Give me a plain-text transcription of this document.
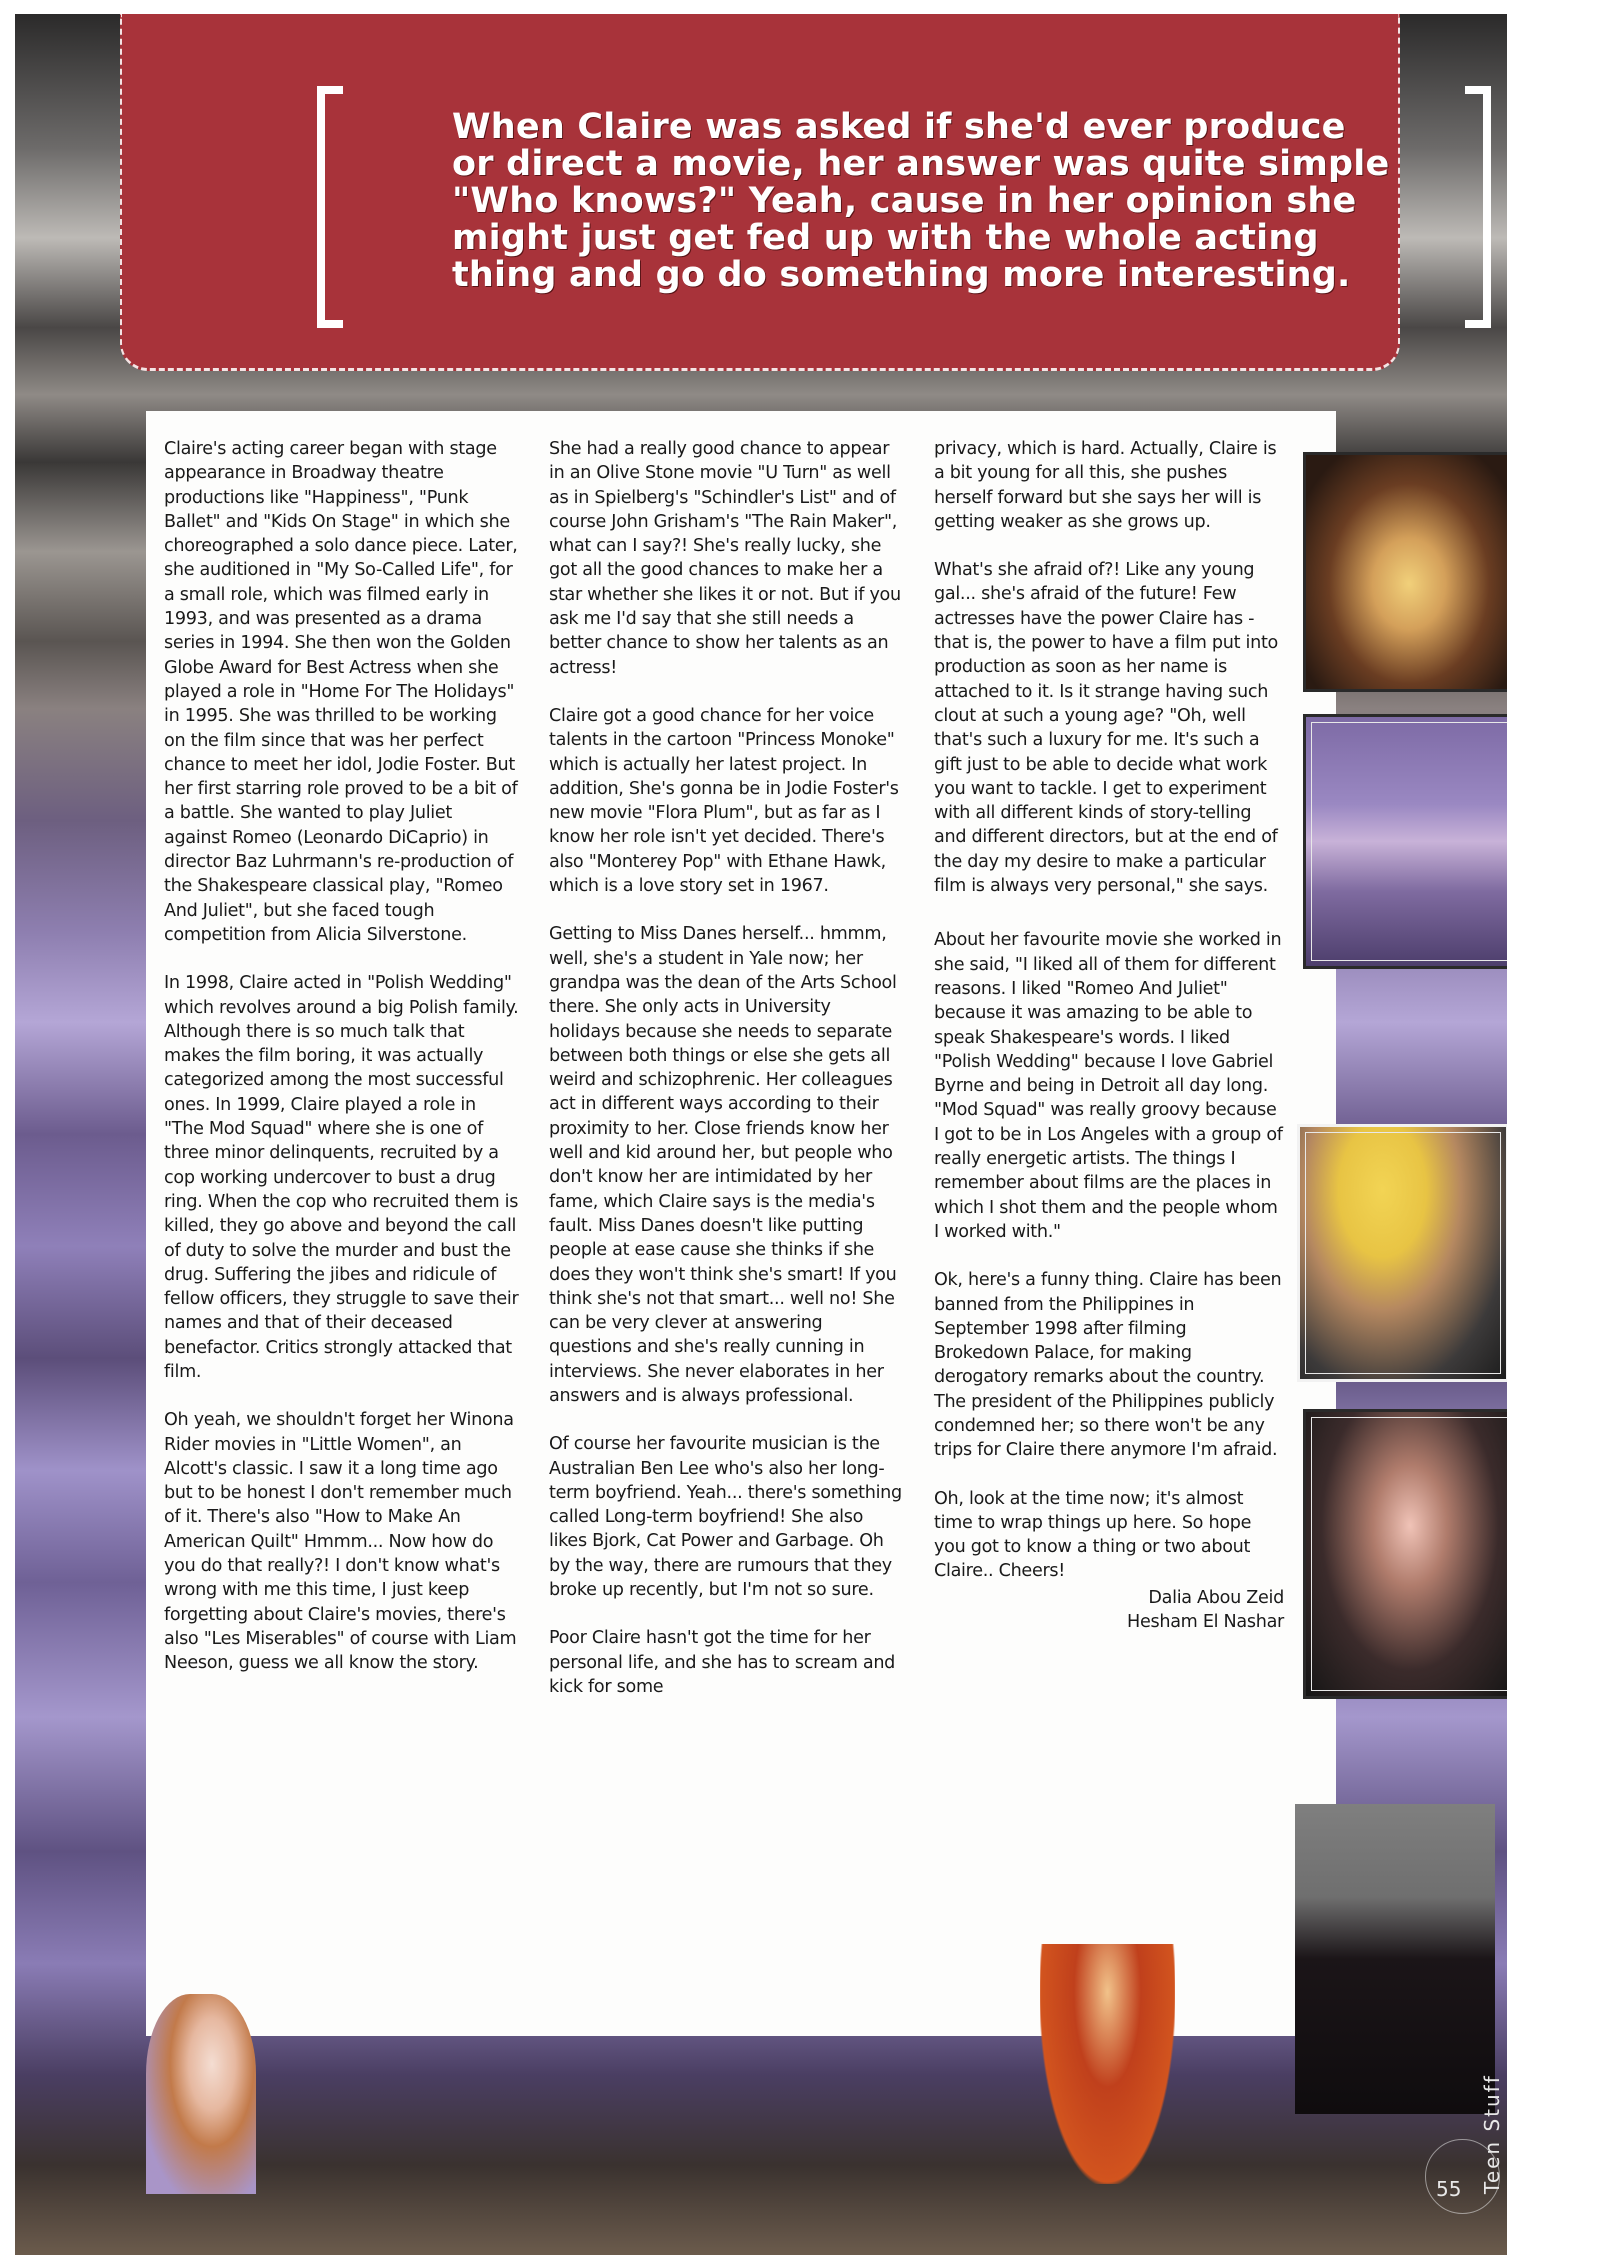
When Claire was asked if she'd ever produce or direct a movie, her answer was quite simple "Who knows?" Yeah, cause in her opinion she might just get fed up with the whole acting thing and go do something more interesting.

Claire's acting career began with stage appearance in Broadway theatre productions like "Happiness", "Punk Ballet" and "Kids On Stage" in which she choreographed a solo dance piece. Later, she auditioned in "My So-Called Life", for a small role, which was filmed early in 1993, and was presented as a drama series in 1994. She then won the Golden Globe Award for Best Actress when she played a role in "Home For The Holidays" in 1995. She was thrilled to be working on the film since that was her perfect chance to meet her idol, Jodie Foster. But her first starring role proved to be a bit of a battle. She wanted to play Juliet against Romeo (Leonardo DiCaprio) in director Baz Luhrmann's re-production of the Shakespeare classical play, "Romeo And Juliet", but she faced tough competition from Alicia Silverstone.

In 1998, Claire acted in "Polish Wedding" which revolves around a big Polish family. Although there is so much talk that makes the film boring, it was actually categorized among the most successful ones. In 1999, Claire played a role in "The Mod Squad" where she is one of three minor delinquents, recruited by a cop working undercover to bust a drug ring. When the cop who recruited them is killed, they go above and beyond the call of duty to solve the murder and bust the drug. Suffering the jibes and ridicule of fellow officers, they struggle to save their names and that of their deceased benefactor. Critics strongly attacked that film.

Oh yeah, we shouldn't forget her Winona Rider movies in "Little Women", an Alcott's classic. I saw it a long time ago but to be honest I don't remember much of it. There's also "How to Make An American Quilt" Hmmm... Now how do you do that really?! I don't know what's wrong with me this time, I just keep forgetting about Claire's movies, there's also "Les Miserables" of course with Liam Neeson, guess we all know the story.

She had a really good chance to appear in an Olive Stone movie "U Turn" as well as in Spielberg's "Schindler's List" and of course John Grisham's "The Rain Maker", what can I say?! She's really lucky, she got all the good chances to make her a star whether she likes it or not. But if you ask me I'd say that she still needs a better chance to show her talents as an actress!

Claire got a good chance for her voice talents in the cartoon "Princess Monoke" which is actually her latest project. In addition, She's gonna be in Jodie Foster's new movie "Flora Plum", but as far as I know her role isn't yet decided. There's also "Monterey Pop" with Ethane Hawk, which is a love story set in 1967.

Getting to Miss Danes herself... hmmm, well, she's a student in Yale now; her grandpa was the dean of the Arts School there. She only acts in University holidays because she needs to separate between both things or else she gets all weird and schizophrenic. Her colleagues act in different ways according to their proximity to her. Close friends know her well and kid around her, but people who don't know her are intimidated by her fame, which Claire says is the media's fault. Miss Danes doesn't like putting people at ease cause she thinks if she does they won't think she's smart! If you think she's not that smart... well no! She can be very clever at answering questions and she's really cunning in interviews. She never elaborates in her answers and is always professional.

Of course her favourite musician is the Australian Ben Lee who's also her long-term boyfriend. Yeah... there's something called Long-term boyfriend! She also likes Bjork, Cat Power and Garbage. Oh by the way, there are rumours that they broke up recently, but I'm not so sure.

Poor Claire hasn't got the time for her personal life, and she has to scream and kick for some

privacy, which is hard. Actually, Claire is a bit young for all this, she pushes herself forward but she says her will is getting weaker as she grows up.

What's she afraid of?! Like any young gal... she's afraid of the future! Few actresses have the power Claire has - that is, the power to have a film put into production as soon as her name is attached to it. Is it strange having such clout at such a young age? "Oh, well that's such a luxury for me. It's such a gift just to be able to decide what work you want to tackle. I get to experiment with all different kinds of story-telling and different directors, but at the end of the day my desire to make a particular film is always very personal," she says.

About her favourite movie she worked in she said, "I liked all of them for different reasons. I liked "Romeo And Juliet" because it was amazing to be able to speak Shakespeare's words. I liked "Polish Wedding" because I love Gabriel Byrne and being in Detroit all day long. "Mod Squad" was really groovy because I got to be in Los Angeles with a group of really energetic artists. The things I remember about films are the places in which I shot them and the people whom I worked with."

Ok, here's a funny thing. Claire has been banned from the Philippines in September 1998 after filming Brokedown Palace, for making derogatory remarks about the country. The president of the Philippines publicly condemned her; so there won't be any trips for Claire there anymore I'm afraid.

Oh, look at the time now; it's almost time to wrap things up here. So hope you got to know a thing or two about Claire.. Cheers!

Dalia Abou Zeid
Hesham El Nashar
Teen Stuff
55
